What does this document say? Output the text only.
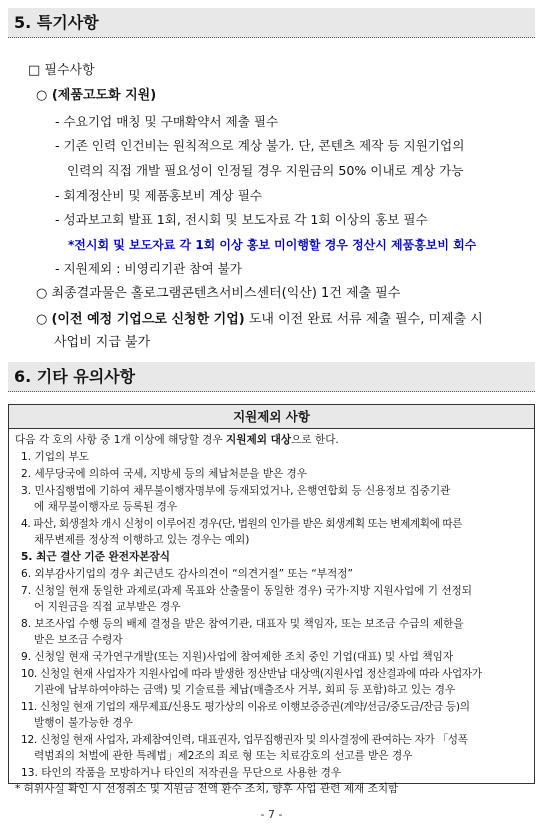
5. 특기사항
□ 필수사항
○ (제품고도화 지원)
- 수요기업 매칭 및 구매확약서 제출 필수
- 기존 인력 인건비는 원칙적으로 계상 불가. 단, 콘텐츠 제작 등 지원기업의
인력의 직접 개발 필요성이 인정될 경우 지원금의 50% 이내로 계상 가능
- 회계정산비 및 제품홍보비 계상 필수
- 성과보고회 발표 1회, 전시회 및 보도자료 각 1회 이상의 홍보 필수
*전시회 및 보도자료 각 1회 이상 홍보 미이행할 경우 정산시 제품홍보비 회수
- 지원제외 : 비영리기관 참여 불가
○ 최종결과물은 홀로그램콘텐츠서비스센터(익산) 1건 제출 필수
○ (이전 예정 기업으로 신청한 기업) 도내 이전 완료 서류 제출 필수, 미제출 시
사업비 지급 불가
6. 기타 유의사항
지원제외 사항
다음 각 호의 사항 중 1개 이상에 해당할 경우 지원제외 대상으로 한다.
1. 기업의 부도
2. 세무당국에 의하여 국세, 지방세 등의 체납처분을 받은 경우
3. 민사집행법에 기하여 채무불이행자명부에 등재되었거나, 은행연합회 등 신용정보 집중기관
에 채무불이행자로 등록된 경우
4. 파산, 회생절차 개시 신청이 이루어진 경우(단, 법원의 인가를 받은 회생계획 또는 변제계획에 따른
채무변제를 정상적 이행하고 있는 경우는 예외)
5. 최근 결산 기준 완전자본잠식
6. 외부감사기업의 경우 최근년도 감사의견이 “의견거절” 또는 “부적정”
7. 신청일 현재 동일한 과제로(과제 목표와 산출물이 동일한 경우) 국가·지방 지원사업에 기 선정되
어 지원금을 직접 교부받은 경우
8. 보조사업 수행 등의 배제 결정을 받은 참여기관, 대표자 및 책임자, 또는 보조금 수급의 제한을
받은 보조금 수령자
9. 신청일 현재 국가연구개발(또는 지원)사업에 참여제한 조치 중인 기업(대표) 및 사업 책임자
10. 신청일 현재 사업자가 지원사업에 따라 발생한 정산반납 대상액(지원사업 정산결과에 따라 사업자가
기관에 납부하여야하는 금액) 및 기술료를 체납(매출조사 거부, 회피 등 포함)하고 있는 경우
11. 신청일 현재 기업의 재무제표/신용도 평가상의 이유로 이행보증증권(계약/선금/중도금/잔금 등)의
발행이 불가능한 경우
12. 신청일 현재 사업자, 과제참여인력, 대표권자, 업무집행권자 및 의사결정에 관여하는 자가 「성폭
력범죄의 처벌에 관한 특례법」제2조의 죄로 형 또는 치료감호의 선고를 받은 경우
13. 타인의 작품을 모방하거나 타인의 저작권을 무단으로 사용한 경우
* 허위사실 확인 시 선정취소 및 지원금 전액 환수 조치, 향후 사업 관련 제재 조치함
- 7 -
